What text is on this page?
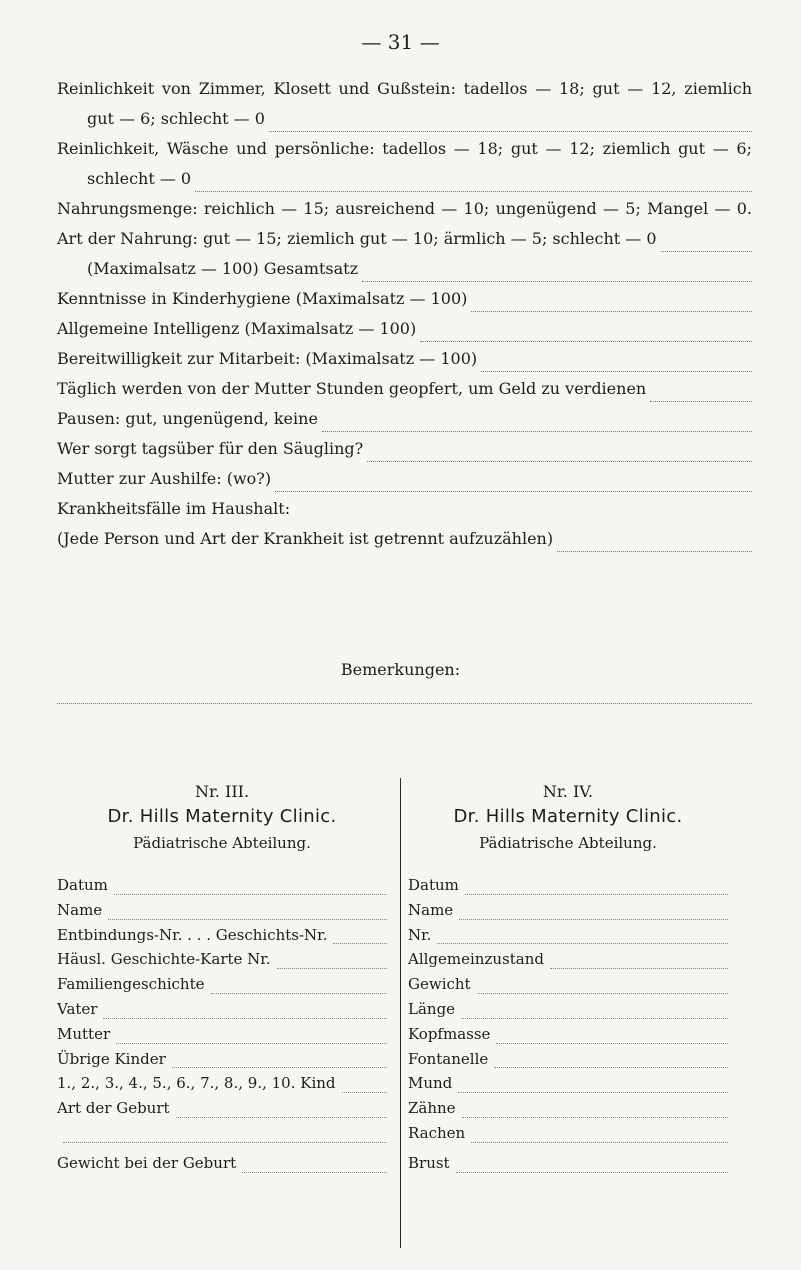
— 31 —
Reinlichkeit von Zimmer, Klosett und Gußstein: tadellos — 18; gut — 12, ziemlich
gut — 6; schlecht — 0
Reinlichkeit, Wäsche und persönliche: tadellos — 18; gut — 12; ziemlich gut — 6;
schlecht — 0
Nahrungsmenge: reichlich — 15; ausreichend — 10; ungenügend — 5; Mangel — 0.
Art der Nahrung: gut — 15; ziemlich gut — 10; ärmlich — 5; schlecht — 0
(Maximalsatz — 100) Gesamtsatz
Kenntnisse in Kinderhygiene (Maximalsatz — 100)
Allgemeine Intelligenz (Maximalsatz — 100)
Bereitwilligkeit zur Mitarbeit: (Maximalsatz — 100)
Täglich werden von der Mutter Stunden geopfert, um Geld zu verdienen
Pausen: gut, ungenügend, keine
Wer sorgt tagsüber für den Säugling?
Mutter zur Aushilfe: (wo?)
Krankheitsfälle im Haushalt:
(Jede Person und Art der Krankheit ist getrennt aufzuzählen)
Bemerkungen:
Nr. III.
Dr. Hills Maternity Clinic.
Pädiatrische Abteilung.
Datum
Name
Entbindungs-Nr. . . . Geschichts-Nr.
Häusl. Geschichte-Karte Nr.
Familiengeschichte
Vater
Mutter
Übrige Kinder
1., 2., 3., 4., 5., 6., 7., 8., 9., 10. Kind
Art der Geburt
Gewicht bei der Geburt
Nr. IV.
Dr. Hills Maternity Clinic.
Pädiatrische Abteilung.
Datum
Name
Nr.
Allgemeinzustand
Gewicht
Länge
Kopfmasse
Fontanelle
Mund
Zähne
Rachen
Brust
